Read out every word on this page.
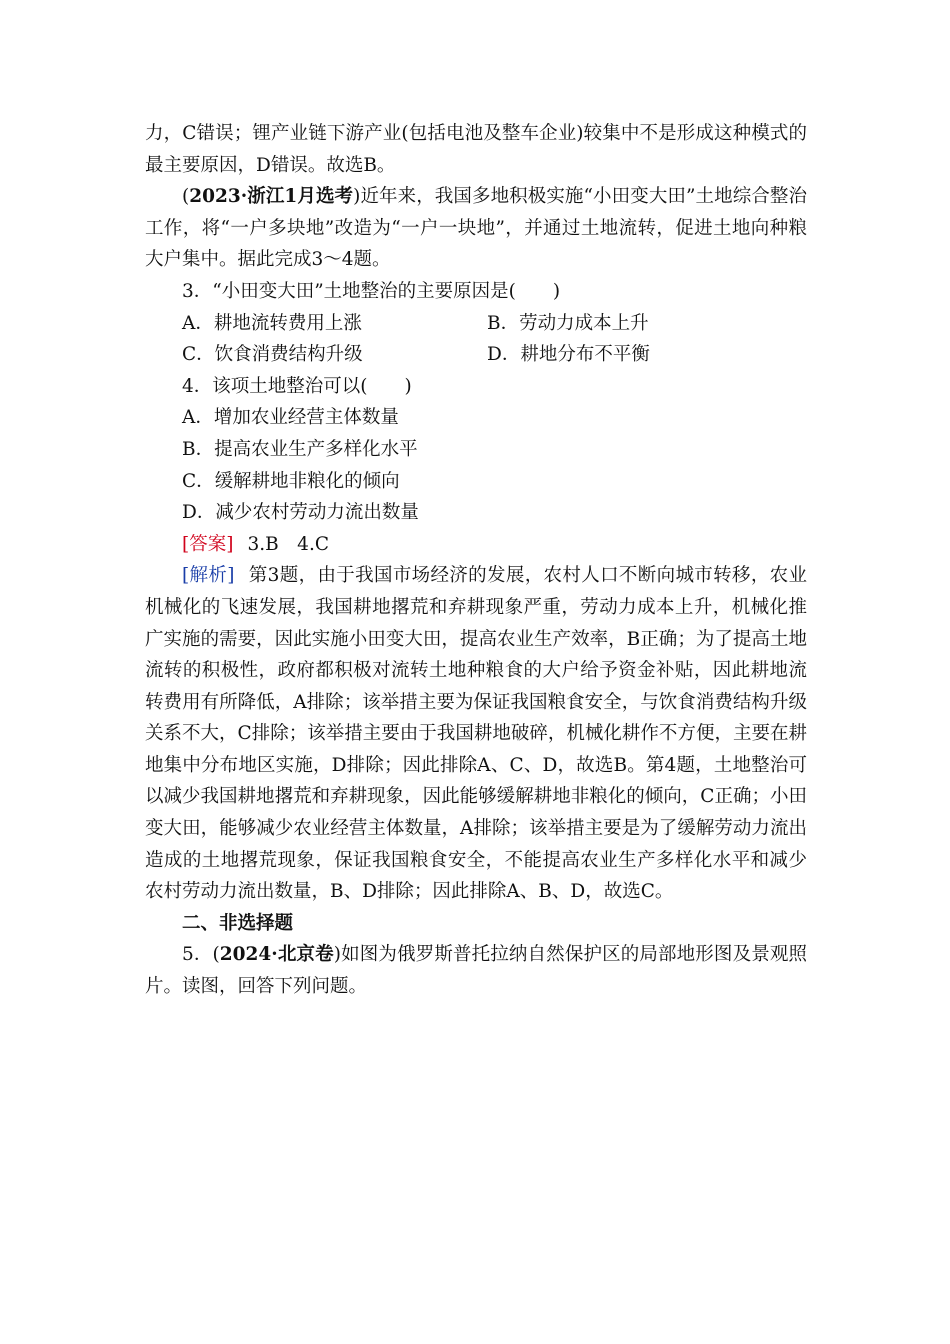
力，C错误；锂产业链下游产业(包括电池及整车企业)较集中不是形成这种模式的最主要原因，D错误。故选B。

(2023·浙江1月选考)近年来，我国多地积极实施“小田变大田”土地综合整治工作，将“一户多块地”改造为“一户一块地”，并通过土地流转，促进土地向种粮大户集中。据此完成3～4题。

3．“小田变大田”土地整治的主要原因是(　　)

A．耕地流转费用上涨	B．劳动力成本上升
C．饮食消费结构升级	D．耕地分布不平衡

4．该项土地整治可以(　　)

A．增加农业经营主体数量

B．提高农业生产多样化水平

C．缓解耕地非粮化的倾向

D．减少农村劳动力流出数量

[答案] 3.B　4.C

[解析] 第3题，由于我国市场经济的发展，农村人口不断向城市转移，农业机械化的飞速发展，我国耕地撂荒和弃耕现象严重，劳动力成本上升，机械化推广实施的需要，因此实施小田变大田，提高农业生产效率，B正确；为了提高土地流转的积极性，政府都积极对流转土地种粮食的大户给予资金补贴，因此耕地流转费用有所降低，A排除；该举措主要为保证我国粮食安全，与饮食消费结构升级关系不大，C排除；该举措主要由于我国耕地破碎，机械化耕作不方便，主要在耕地集中分布地区实施，D排除；因此排除A、C、D，故选B。第4题，土地整治可以减少我国耕地撂荒和弃耕现象，因此能够缓解耕地非粮化的倾向，C正确；小田变大田，能够减少农业经营主体数量，A排除；该举措主要是为了缓解劳动力流出造成的土地撂荒现象，保证我国粮食安全，不能提高农业生产多样化水平和减少农村劳动力流出数量，B、D排除；因此排除A、B、D，故选C。

二、非选择题

5．(2024·北京卷)如图为俄罗斯普托拉纳自然保护区的局部地形图及景观照片。读图，回答下列问题。
